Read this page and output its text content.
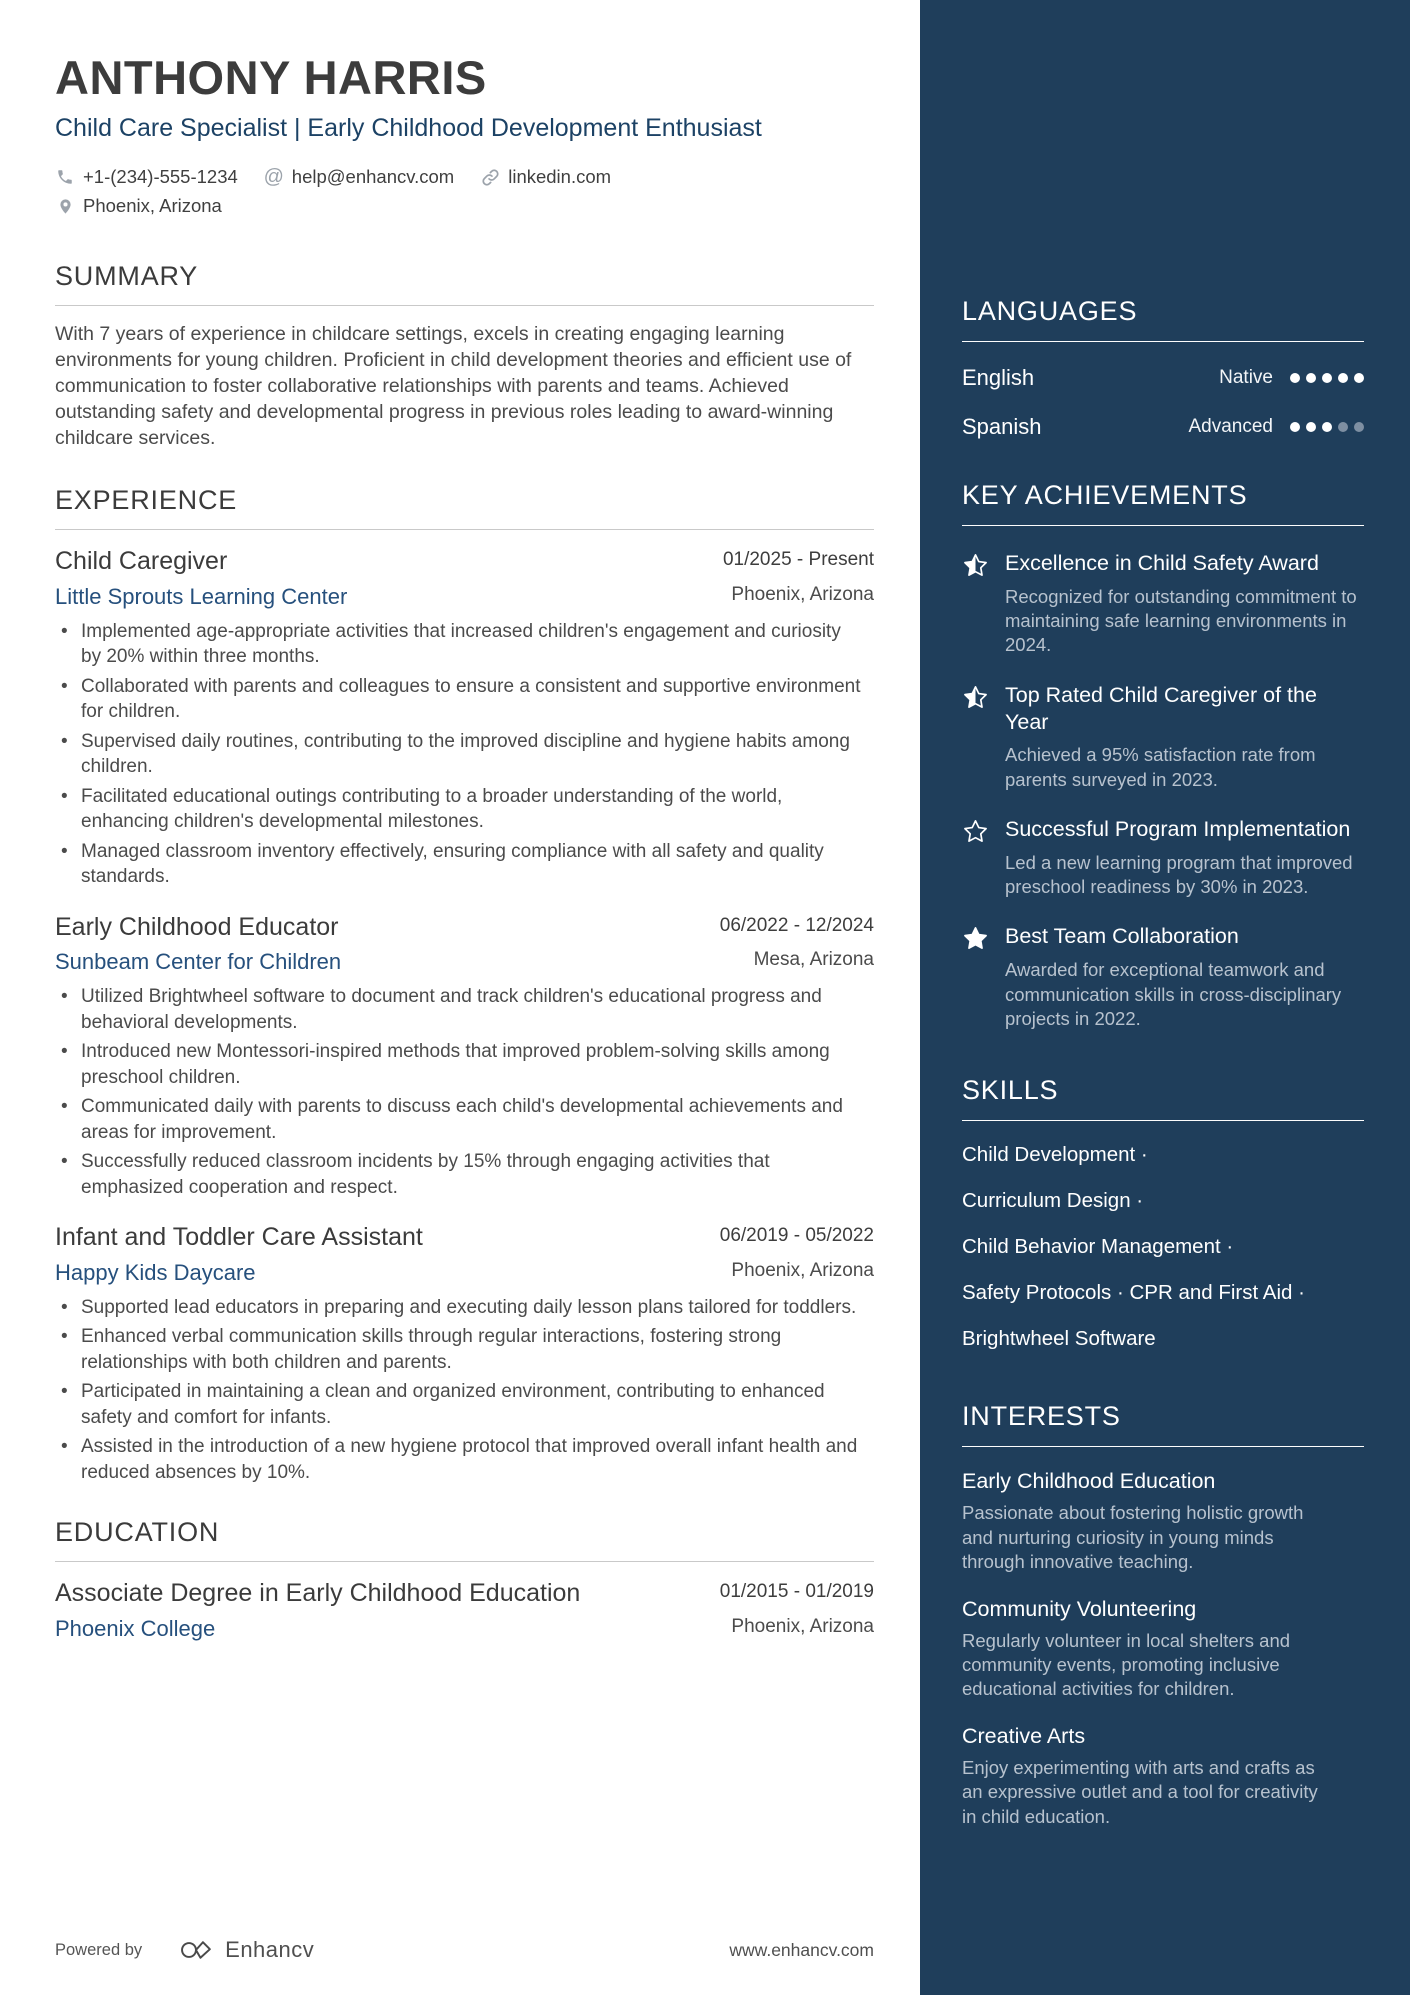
ANTHONY HARRIS
Child Care Specialist | Early Childhood Development Enthusiast
+1-(234)-555-1234 @ help@enhancv.com	linkedin.com
Phoenix, Arizona
SUMMARY
With 7 years of experience in childcare settings, excels in creating engaging learning environments for young children. Proficient in child development theories and efficient use of communication to foster collaborative relationships with parents and teams. Achieved outstanding safety and developmental progress in previous roles leading to award-winning childcare services.
EXPERIENCE
Child Caregiver	01/2025 - Present
Little Sprouts Learning Center	Phoenix, Arizona
• Implemented age-appropriate activities that increased children's engagement and curiosity by 20% within three months.
• Collaborated with parents and colleagues to ensure a consistent and supportive environment for children.
• Supervised daily routines, contributing to the improved discipline and hygiene habits among children.
• Facilitated educational outings contributing to a broader understanding of the world, enhancing children's developmental milestones.
• Managed classroom inventory effectively, ensuring compliance with all safety and quality standards.
Early Childhood Educator	06/2022 - 12/2024
Sunbeam Center for Children	Mesa, Arizona
• Utilized Brightwheel software to document and track children's educational progress and behavioral developments.
• Introduced new Montessori-inspired methods that improved problem-solving skills among preschool children.
• Communicated daily with parents to discuss each child's developmental achievements and areas for improvement.
• Successfully reduced classroom incidents by 15% through engaging activities that emphasized cooperation and respect.
Infant and Toddler Care Assistant	06/2019 - 05/2022
Happy Kids Daycare	Phoenix, Arizona
• Supported lead educators in preparing and executing daily lesson plans tailored for toddlers.
• Enhanced verbal communication skills through regular interactions, fostering strong relationships with both children and parents.
• Participated in maintaining a clean and organized environment, contributing to enhanced safety and comfort for infants.
• Assisted in the introduction of a new hygiene protocol that improved overall infant health and reduced absences by 10%.
EDUCATION
Associate Degree in Early Childhood Education	01/2015 - 01/2019
Phoenix College	Phoenix, Arizona
Powered by	Enhancv	www.enhancv.com
LANGUAGES
English	Native
Spanish	Advanced
KEY ACHIEVEMENTS
Excellence in Child Safety Award
Recognized for outstanding commitment to maintaining safe learning environments in 2024.
Top Rated Child Caregiver of the Year
Achieved a 95% satisfaction rate from parents surveyed in 2023.
Successful Program Implementation
Led a new learning program that improved preschool readiness by 30% in 2023.
Best Team Collaboration
Awarded for exceptional teamwork and communication skills in cross-disciplinary projects in 2022.
SKILLS
Child Development ·
Curriculum Design ·
Child Behavior Management ·
Safety Protocols · CPR and First Aid ·
Brightwheel Software
INTERESTS
Early Childhood Education
Passionate about fostering holistic growth and nurturing curiosity in young minds through innovative teaching.
Community Volunteering
Regularly volunteer in local shelters and community events, promoting inclusive educational activities for children.
Creative Arts
Enjoy experimenting with arts and crafts as an expressive outlet and a tool for creativity in child education.
